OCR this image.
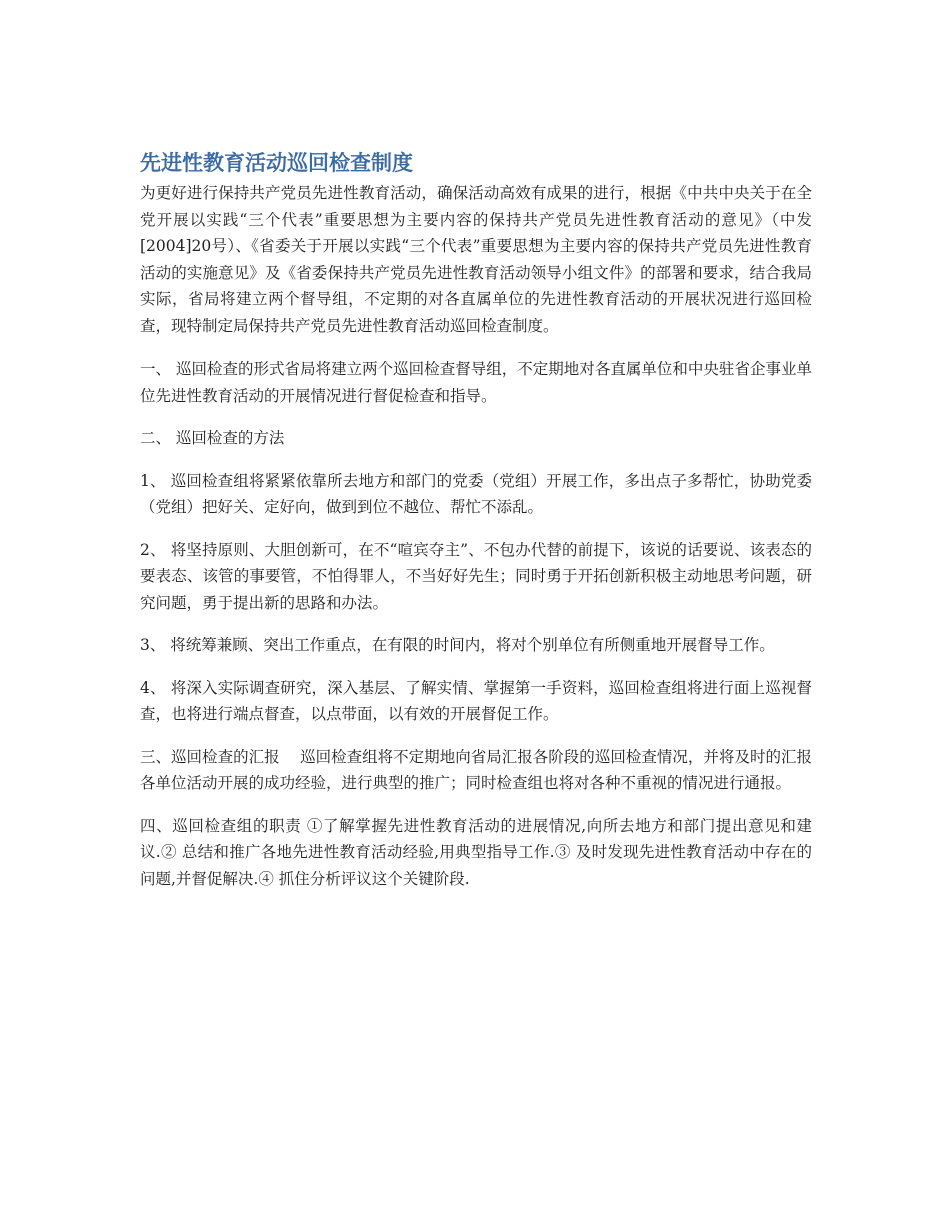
先进性教育活动巡回检查制度

为更好进行保持共产党员先进性教育活动，确保活动高效有成果的进行，根据《中共中央关于在全党开展以实践“三个代表”重要思想为主要内容的保持共产党员先进性教育活动的意见》（中发[2004]20号）、《省委关于开展以实践“三个代表”重要思想为主要内容的保持共产党员先进性教育活动的实施意见》及《省委保持共产党员先进性教育活动领导小组文件》的部署和要求，结合我局实际，省局将建立两个督导组，不定期的对各直属单位的先进性教育活动的开展状况进行巡回检查，现特制定局保持共产党员先进性教育活动巡回检查制度。

一、 巡回检查的形式省局将建立两个巡回检查督导组，不定期地对各直属单位和中央驻省企事业单位先进性教育活动的开展情况进行督促检查和指导。

二、 巡回检查的方法

1、 巡回检查组将紧紧依靠所去地方和部门的党委（党组）开展工作，多出点子多帮忙，协助党委（党组）把好关、定好向，做到到位不越位、帮忙不添乱。

2、 将坚持原则、大胆创新可，在不“喧宾夺主”、不包办代替的前提下，该说的话要说、该表态的要表态、该管的事要管，不怕得罪人，不当好好先生；同时勇于开拓创新积极主动地思考问题，研究问题，勇于提出新的思路和办法。

3、 将统筹兼顾、突出工作重点，在有限的时间内，将对个别单位有所侧重地开展督导工作。

4、 将深入实际调查研究，深入基层、了解实情、掌握第一手资料，巡回检查组将进行面上巡视督查，也将进行端点督查，以点带面，以有效的开展督促工作。

三、巡回检查的汇报　 巡回检查组将不定期地向省局汇报各阶段的巡回检查情况，并将及时的汇报各单位活动开展的成功经验，进行典型的推广；同时检查组也将对各种不重视的情况进行通报。

四、巡回检查组的职责 ①了解掌握先进性教育活动的进展情况,向所去地方和部门提出意见和建议.② 总结和推广各地先进性教育活动经验,用典型指导工作.③ 及时发现先进性教育活动中存在的问题,并督促解决.④ 抓住分析评议这个关键阶段.
